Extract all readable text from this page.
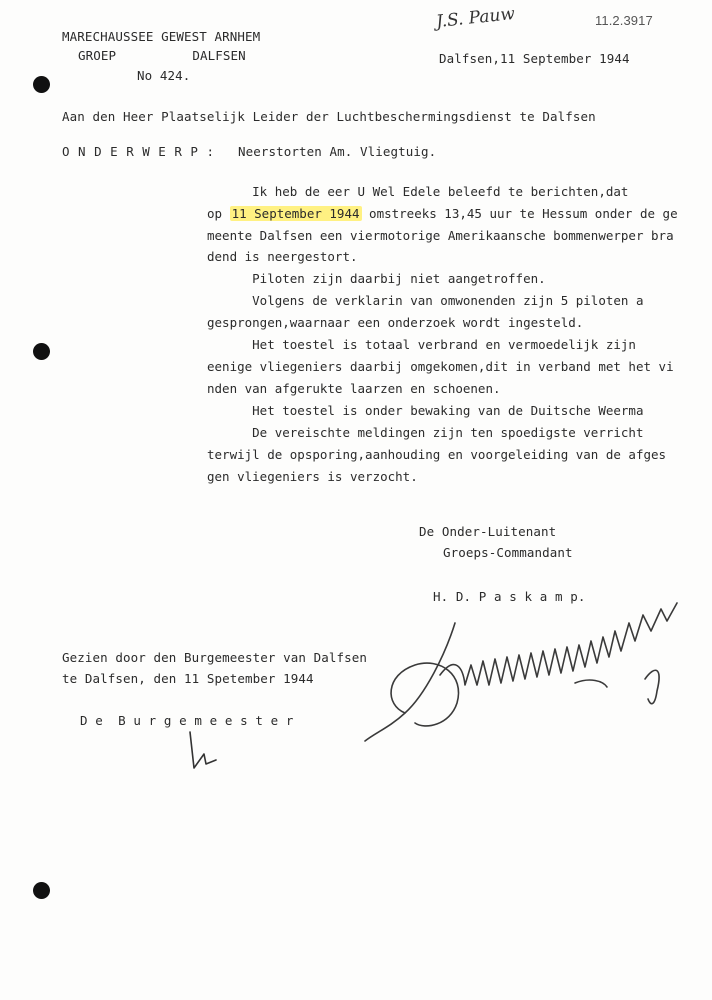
MARECHAUSSEE GEWEST ARNHEM
GROEP          DALFSEN
No 424.
J.S. Pauw	11.2.3917
Dalfsen,11 September 1944
Aan den Heer Plaatselijk Leider der Luchtbeschermingsdienst te Dalfsen
O N D E R W E R P : Neerstorten Am. Vliegtuig.
Ik heb de eer U Wel Edele beleefd te berichten,dat
op 11 September 1944 omstreeks 13,45 uur te Hessum onder de ge
meente Dalfsen een viermotorige Amerikaansche bommenwerper bra
dend is neergestort.
Piloten zijn daarbij niet aangetroffen.
Volgens de verklarin van omwonenden zijn 5 piloten a
gesprongen,waarnaar een onderzoek wordt ingesteld.
Het toestel is totaal verbrand en vermoedelijk zijn
eenige vliegeniers daarbij omgekomen,dit in verband met het vi
nden van afgerukte laarzen en schoenen.
Het toestel is onder bewaking van de Duitsche Weerma
De vereischte meldingen zijn ten spoedigste verricht
terwijl de opsporing,aanhouding en voorgeleiding van de afges
gen vliegeniers is verzocht.
De Onder-Luitenant
Groeps-Commandant
H. D. P a s k a m p.
Gezien door den Burgemeester van Dalfsen
te Dalfsen, den 11 Spetember 1944
D e  B u r g e m e e s t e r
